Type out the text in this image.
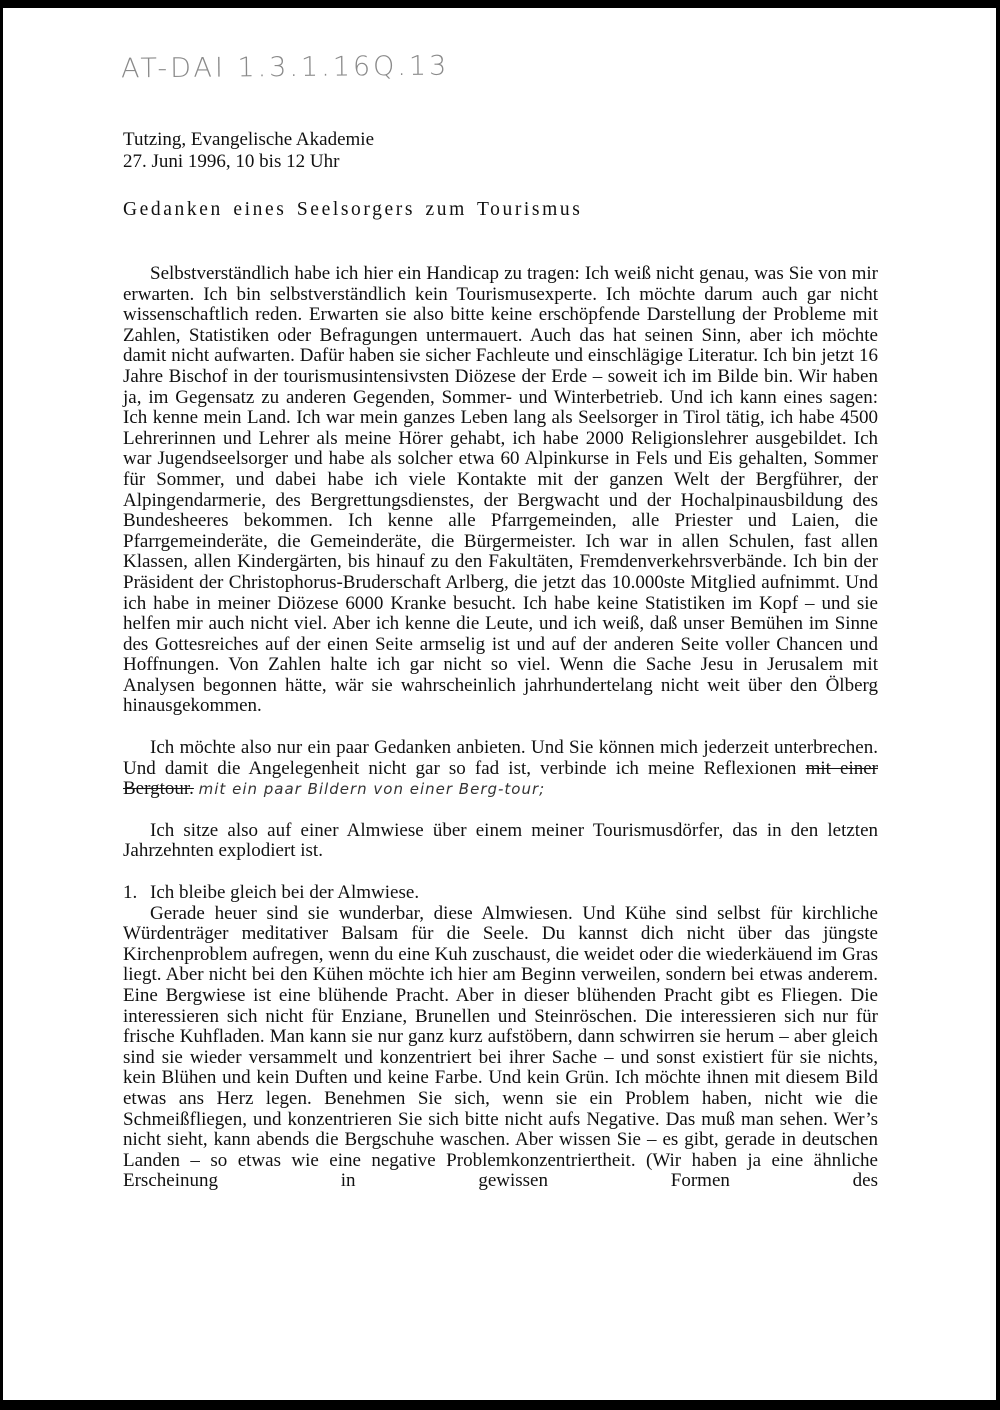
AT-DAI 1.3.1.16Q.13
Tutzing, Evangelische Akademie
27. Juni 1996, 10 bis 12 Uhr
Gedanken eines Seelsorgers zum Tourismus

Selbstverständlich habe ich hier ein Handicap zu tragen: Ich weiß nicht genau, was Sie von mir erwarten. Ich bin selbstverständlich kein Tourismusexperte. Ich möchte darum auch gar nicht wissenschaftlich reden. Erwarten sie also bitte keine erschöpfende Darstellung der Probleme mit Zahlen, Statistiken oder Befragungen untermauert. Auch das hat seinen Sinn, aber ich möchte damit nicht aufwarten. Dafür haben sie sicher Fachleute und einschlägige Literatur. Ich bin jetzt 16 Jahre Bischof in der tourismusintensivsten Diözese der Erde – soweit ich im Bilde bin. Wir haben ja, im Gegensatz zu anderen Gegenden, Sommer- und Winterbetrieb. Und ich kann eines sagen: Ich kenne mein Land. Ich war mein ganzes Leben lang als Seelsorger in Tirol tätig, ich habe 4500 Lehrerinnen und Lehrer als meine Hörer gehabt, ich habe 2000 Religionslehrer ausgebildet. Ich war Jugendseelsorger und habe als solcher etwa 60 Alpinkurse in Fels und Eis gehalten, Sommer für Sommer, und dabei habe ich viele Kontakte mit der ganzen Welt der Bergführer, der Alpingendarmerie, des Bergrettungsdienstes, der Bergwacht und der Hochalpinausbildung des Bundesheeres bekommen. Ich kenne alle Pfarrgemeinden, alle Priester und Laien, die Pfarrgemeinderäte, die Gemeinderäte, die Bürgermeister. Ich war in allen Schulen, fast allen Klassen, allen Kindergärten, bis hinauf zu den Fakultäten, Fremdenverkehrsverbände. Ich bin der Präsident der Christophorus-Bruderschaft Arlberg, die jetzt das 10.000ste Mitglied aufnimmt. Und ich habe in meiner Diözese 6000 Kranke besucht. Ich habe keine Statistiken im Kopf – und sie helfen mir auch nicht viel. Aber ich kenne die Leute, und ich weiß, daß unser Bemühen im Sinne des Gottesreiches auf der einen Seite armselig ist und auf der anderen Seite voller Chancen und Hoffnungen. Von Zahlen halte ich gar nicht so viel. Wenn die Sache Jesu in Jerusalem mit Analysen begonnen hätte, wär sie wahrscheinlich jahrhundertelang nicht weit über den Ölberg hinausgekommen.

Ich möchte also nur ein paar Gedanken anbieten. Und Sie können mich jederzeit unterbrechen. Und damit die Angelegenheit nicht gar so fad ist, verbinde ich meine Reflexionen mit einer Bergtour. mit ein paar Bildern von einer Berg-tour;

Ich sitze also auf einer Almwiese über einem meiner Tourismusdörfer, das in den letzten Jahrzehnten explodiert ist.

1. Ich bleibe gleich bei der Almwiese.

Gerade heuer sind sie wunderbar, diese Almwiesen. Und Kühe sind selbst für kirchliche Würdenträger meditativer Balsam für die Seele. Du kannst dich nicht über das jüngste Kirchenproblem aufregen, wenn du eine Kuh zuschaust, die weidet oder die wiederkäuend im Gras liegt. Aber nicht bei den Kühen möchte ich hier am Beginn verweilen, sondern bei etwas anderem. Eine Bergwiese ist eine blühende Pracht. Aber in dieser blühenden Pracht gibt es Fliegen. Die interessieren sich nicht für Enziane, Brunellen und Steinröschen. Die interessieren sich nur für frische Kuhfladen. Man kann sie nur ganz kurz aufstöbern, dann schwirren sie herum – aber gleich sind sie wieder versammelt und konzentriert bei ihrer Sache – und sonst existiert für sie nichts, kein Blühen und kein Duften und keine Farbe. Und kein Grün. Ich möchte ihnen mit diesem Bild etwas ans Herz legen. Benehmen Sie sich, wenn sie ein Problem haben, nicht wie die Schmeißfliegen, und konzentrieren Sie sich bitte nicht aufs Negative. Das muß man sehen. Wer’s nicht sieht, kann abends die Bergschuhe waschen. Aber wissen Sie – es gibt, gerade in deutschen Landen – so etwas wie eine negative Problemkonzentriertheit. (Wir haben ja eine ähnliche Erscheinung in gewissen Formen des
